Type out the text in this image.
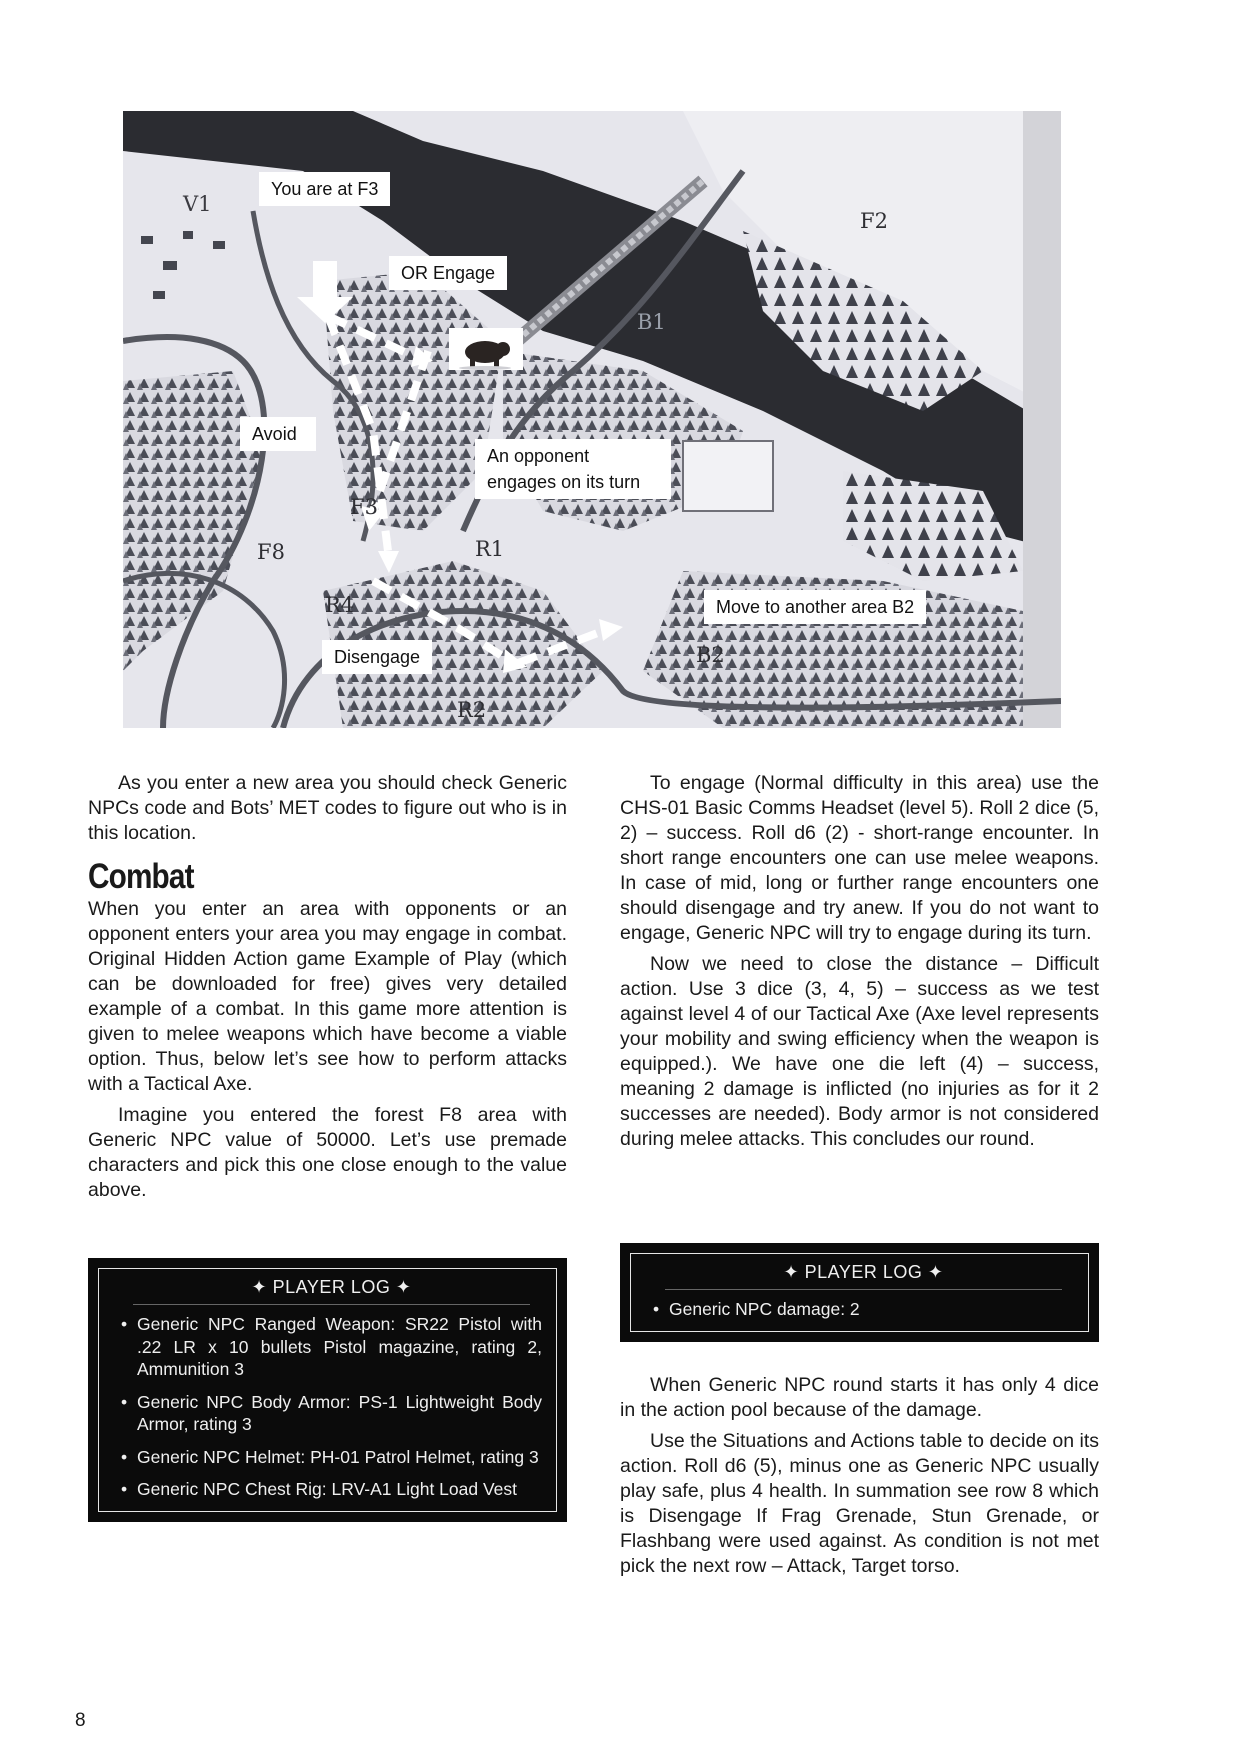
You are at F3
OR Engage
Avoid
An opponent engages on its turn
Move to another area B2
Disengage
V1
F2
B1
F3
F8	R1
R4
B2
R2

As you enter a new area you should check Generic NPCs code and Bots’ MET codes to figure out who is in this location.

Combat

When you enter an area with opponents or an opponent enters your area you may engage in combat. Original Hidden Action game Example of Play (which can be downloaded for free) gives very detailed example of a combat. In this game more attention is given to melee weapons which have become a viable option. Thus, below let’s see how to perform attacks with a Tactical Axe.

Imagine you entered the forest F8 area with Generic NPC value of 50000. Let’s use premade characters and pick this one close enough to the value above.

✦ PLAYER LOG ✦
• Generic NPC Ranged Weapon: SR22 Pistol with .22 LR x 10 bullets Pistol magazine, rating 2, Ammunition 3
• Generic NPC Body Armor: PS-1 Lightweight Body Armor, rating 3
• Generic NPC Helmet: PH-01 Patrol Helmet, rating 3
• Generic NPC Chest Rig: LRV-A1 Light Load Vest

To engage (Normal difficulty in this area) use the CHS-01 Basic Comms Headset (level 5). Roll 2 dice (5, 2) – success. Roll d6 (2) - short-range encounter. In short range encounters one can use melee weapons. In case of mid, long or further range encounters one should disengage and try anew. If you do not want to engage, Generic NPC will try to engage during its turn.

Now we need to close the distance – Difficult action. Use 3 dice (3, 4, 5) – success as we test against level 4 of our Tactical Axe (Axe level represents your mobility and swing efficiency when the weapon is equipped.). We have one die left (4) – success, meaning 2 damage is inflicted (no injuries as for it 2 successes are needed). Body armor is not considered during melee attacks. This concludes our round.

✦ PLAYER LOG ✦
• Generic NPC damage: 2

When Generic NPC round starts it has only 4 dice in the action pool because of the damage.

Use the Situations and Actions table to decide on its action. Roll d6 (5), minus one as Generic NPC usually play safe, plus 4 health. In summation see row 8 which is Disengage If Frag Grenade, Stun Grenade, or Flashbang were used against. As condition is not met pick the next row – Attack, Target torso.

8
